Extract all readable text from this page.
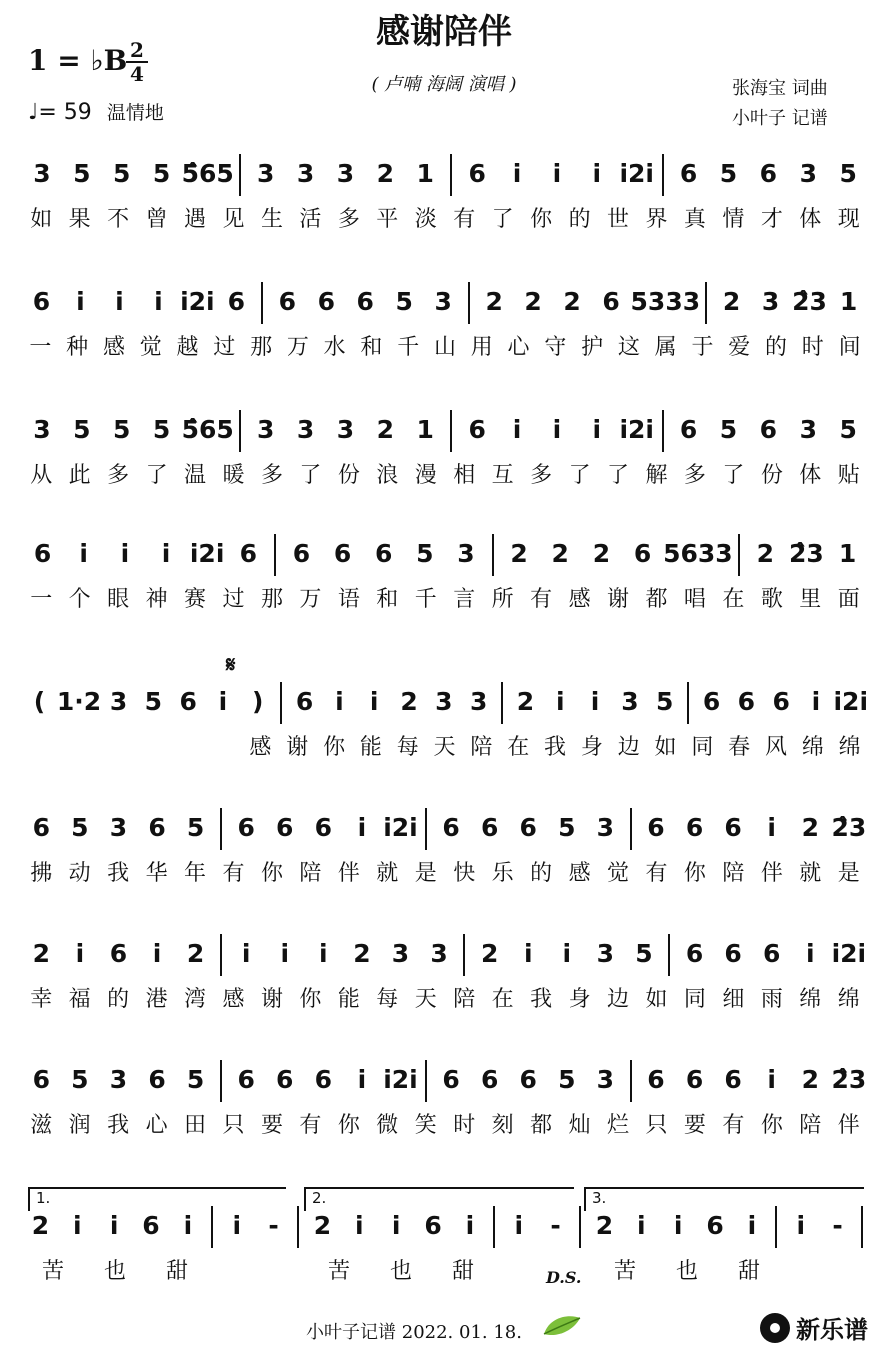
感谢陪伴
( 卢喃 海阔 演唱 )
1 = ♭B 2
4
♩= 59 温情地
张海宝 词曲
小叶子 记谱
𝄋
3 5 5 5 5̂65 3 3 3 2 1	6	i	i	i i2i	6 5 6 3 5
如 果 不 曾 遇 见 生 活 多 平 淡 有 了 你 的 世 界 真 情 才 体 现
6	i	i	i i2i 6	6 6 6 5 3	2 2 2 6 5333 2 3 2̂3 1
一 种 感 觉 越 过 那 万 水 和 千 山 用 心 守 护 这 属 于 爱 的 时 间
3 5 5 5 5̂65 3 3 3 2 1	6	i	i	i i2i	6 5 6 3 5
从 此 多 了 温 暖 多 了 份 浪 漫 相 互 多 了 了 解 多 了 份 体 贴
6	i	i	i i2i 6	6 6 6 5 3	2 2 2 6 5633 2 2̂3 1
一 个 眼 神 赛 过 那 万 语 和 千 言 所 有 感 谢 都 唱 在 歌 里 面
( 1·2 3 5 6 i )	6 i	i 2 3 3	2 i	i 3 5	6 6 6 i i2i
感 谢 你 能 每 天 陪 在 我 身 边 如 同 春 风 绵 绵
6 5 3 6 5	6 6 6	i i2i 6 6 6 5 3	6 6 6	i	2 2̂3
拂 动 我 华 年 有 你 陪 伴 就 是 快 乐 的 感 觉 有 你 陪 伴 就 是
2	i	6	i	2	i	i	i	2 3 3	2	i	i	3 5	6 6 6	i i2i
幸 福 的 港 湾 感 谢 你 能 每 天 陪 在 我 身 边 如 同 细 雨 绵 绵
6 5 3 6 5	6 6 6	i i2i 6 6 6 5 3	6 6 6	i	2 2̂3
滋 润 我 心 田 只 要 有 你 微 笑 时 刻 都 灿 烂 只 要 有 你 陪 伴
2 i	i 6 i	i	-	2 i	i 6 i	i	-	2 i	i 6 i	i	-
苦	也	甜	苦	也	甜	苦	也	甜
1.	2.	3.
D.S.
小叶子记谱 2022. 01. 18.	新乐谱
